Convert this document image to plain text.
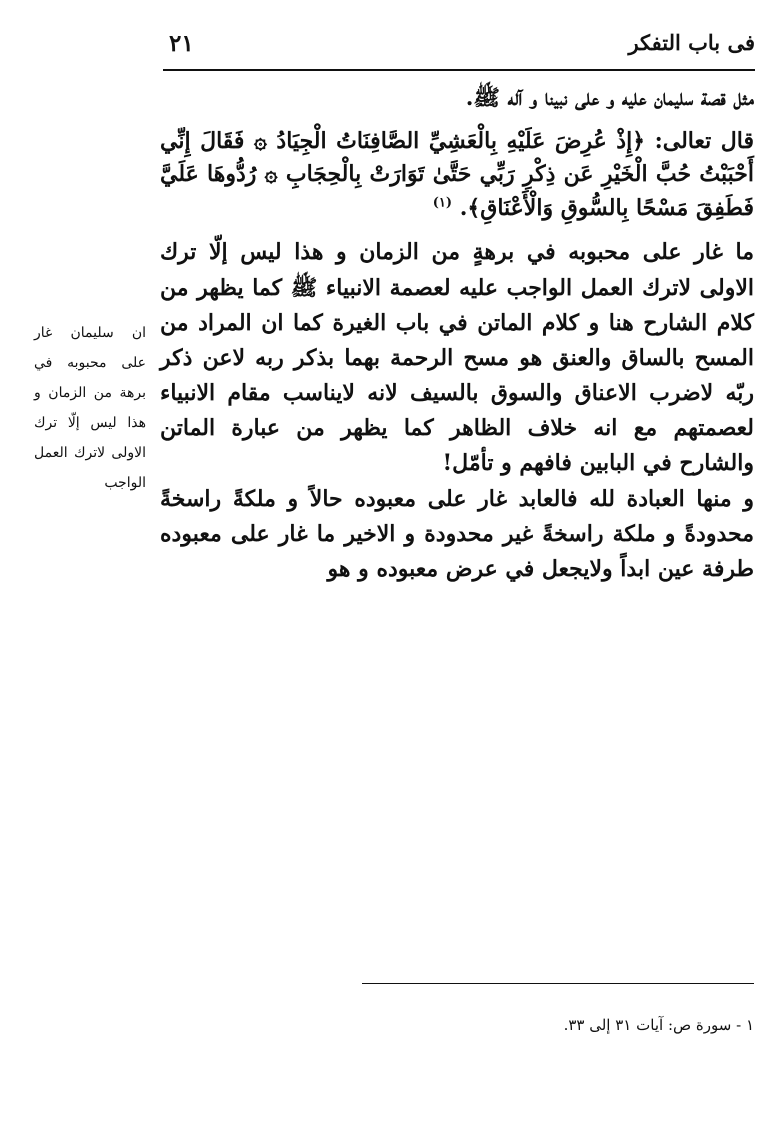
فى باب التفكر
٢١

مثل قصة سليمان عليه و على نبينا و آله ﷺ.

قال تعالى: ﴿إِذْ عُرِضَ عَلَيْهِ بِالْعَشِيِّ الصَّافِنَاتُ الْجِيَادُ ۞ فَقَالَ إِنِّي أَحْبَبْتُ حُبَّ الْخَيْرِ عَن ذِكْرِ رَبِّي حَتَّىٰ تَوَارَتْ بِالْحِجَابِ ۞ رُدُّوهَا عَلَيَّ فَطَفِقَ مَسْحًا بِالسُّوقِ وَالْأَعْنَاقِ﴾. $^{(١)}$

ما غار على محبوبه في برهةٍ من الزمان و هذا ليس إلّا ترك الاولى لاترك العمل الواجب عليه لعصمة الانبياء ﷺ كما يظهر من كلام الشارح هنا و كلام الماتن في باب الغيرة كما ان المراد من المسح بالساق والعنق هو مسح الرحمة بهما بذكر ربه لاعن ذكر ربّه لاضرب الاعناق والسوق بالسيف لانه لايناسب مقام الانبياء لعصمتهم مع انه خلاف الظاهر كما يظهر من عبارة الماتن والشارح في البابين فافهم و تأمّل!

و منها العبادة لله فالعابد غار على معبوده حالاً و ملكةً راسخةً محدودةً و ملكة راسخةً غير محدودة و الاخير ما غار على معبوده طرفة عين ابداً ولايجعل في عرض معبوده و هو

ان سليمان غار على محبوبه في برهة من الزمان و هذا ليس إلّا ترك الاولى لاترك العمل الواجب
١ - سورة ص: آيات ٣١ إلى ٣٣.
